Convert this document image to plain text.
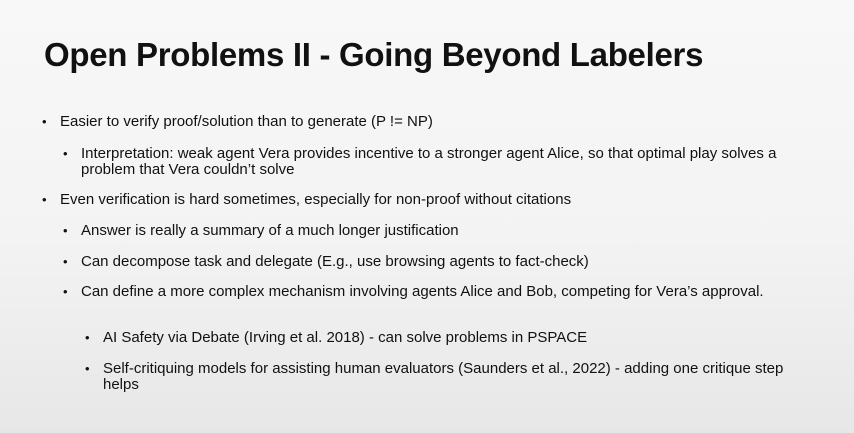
Open Problems II - Going Beyond Labelers
• Easier to verify proof/solution than to generate (P != NP)
• Interpretation: weak agent Vera provides incentive to a stronger agent Alice, so that optimal play solves a problem that Vera couldn’t solve
• Even verification is hard sometimes, especially for non-proof without citations
• Answer is really a summary of a much longer justification
• Can decompose task and delegate (E.g., use browsing agents to fact-check)
• Can define a more complex mechanism involving agents Alice and Bob, competing for Vera’s approval.
• AI Safety via Debate (Irving et al. 2018) - can solve problems in PSPACE
• Self-critiquing models for assisting human evaluators (Saunders et al., 2022) - adding one critique step helps
